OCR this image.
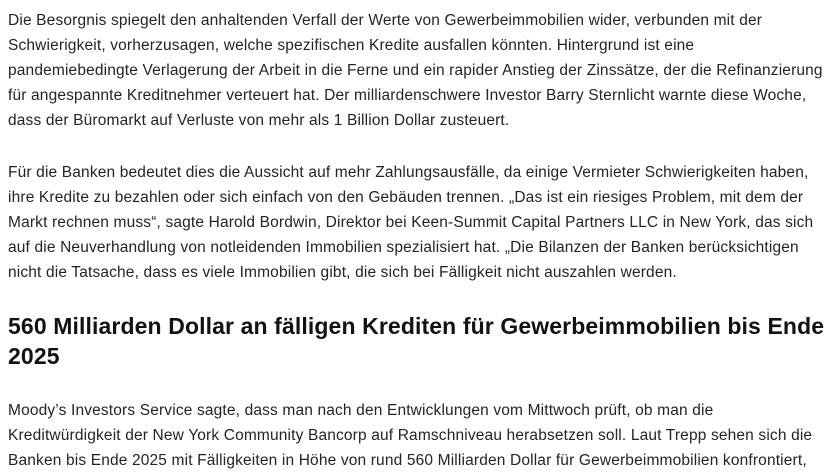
Die Besorgnis spiegelt den anhaltenden Verfall der Werte von Gewerbeimmobilien wider, verbunden mit der Schwierigkeit, vorherzusagen, welche spezifischen Kredite ausfallen könnten. Hintergrund ist eine pandemiebedingte Verlagerung der Arbeit in die Ferne und ein rapider Anstieg der Zinssätze, der die Refinanzierung für angespannte Kreditnehmer verteuert hat. Der milliardenschwere Investor Barry Sternlicht warnte diese Woche, dass der Büromarkt auf Verluste von mehr als 1 Billion Dollar zusteuert.

Für die Banken bedeutet dies die Aussicht auf mehr Zahlungsausfälle, da einige Vermieter Schwierigkeiten haben, ihre Kredite zu bezahlen oder sich einfach von den Gebäuden trennen. „Das ist ein riesiges Problem, mit dem der Markt rechnen muss“, sagte Harold Bordwin, Direktor bei Keen-Summit Capital Partners LLC in New York, das sich auf die Neuverhandlung von notleidenden Immobilien spezialisiert hat. „Die Bilanzen der Banken berücksichtigen nicht die Tatsache, dass es viele Immobilien gibt, die sich bei Fälligkeit nicht auszahlen werden.

560 Milliarden Dollar an fälligen Krediten für Gewerbeimmobilien bis Ende 2025

Moody’s Investors Service sagte, dass man nach den Entwicklungen vom Mittwoch prüft, ob man die Kreditwürdigkeit der New York Community Bancorp auf Ramschniveau herabsetzen soll. Laut Trepp sehen sich die Banken bis Ende 2025 mit Fälligkeiten in Höhe von rund 560 Milliarden Dollar für Gewerbeimmobilien konfrontiert,
